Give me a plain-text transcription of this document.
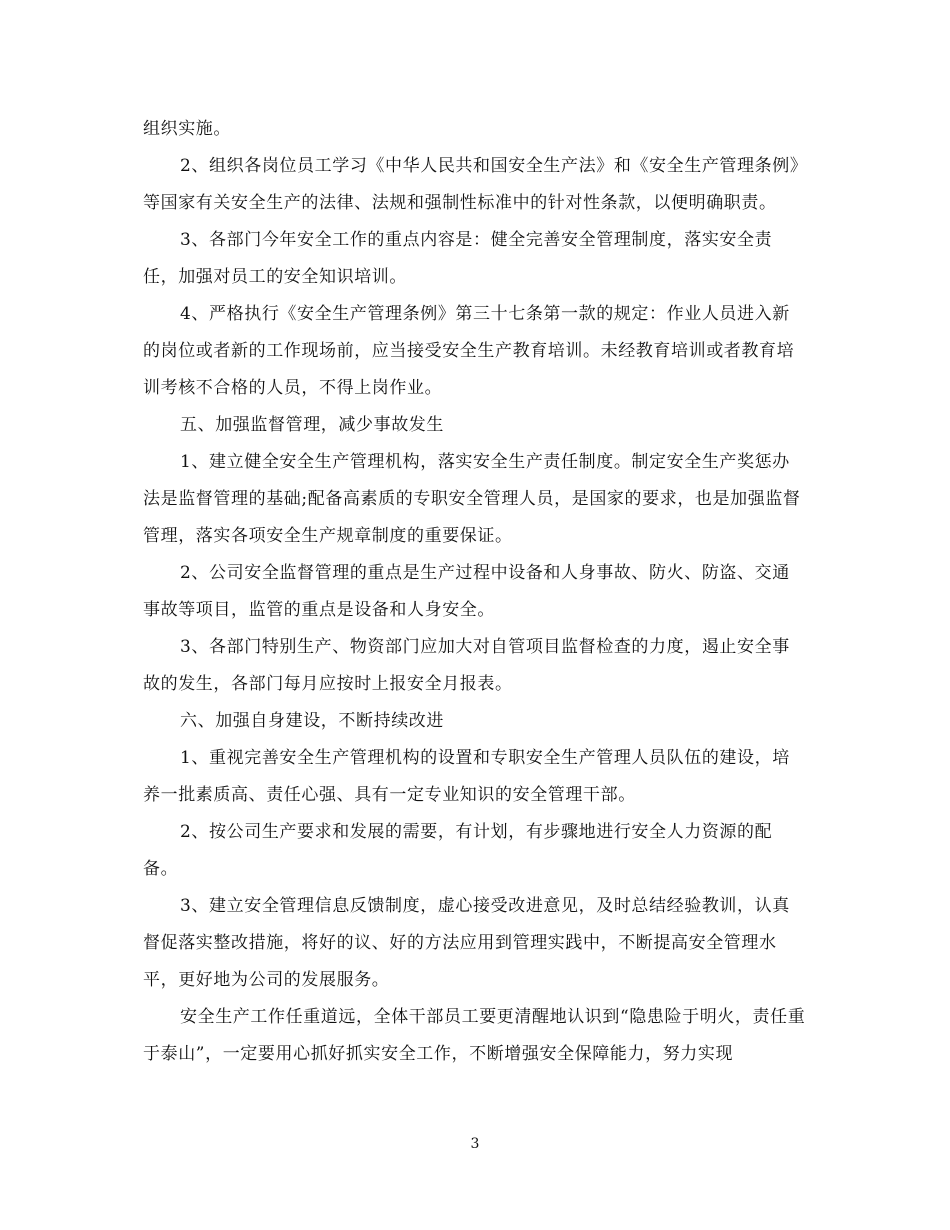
组织实施。

2、组织各岗位员工学习《中华人民共和国安全生产法》和《安全生产管理条例》等国家有关安全生产的法律、法规和强制性标准中的针对性条款，以便明确职责。

3、各部门今年安全工作的重点内容是：健全完善安全管理制度，落实安全责任，加强对员工的安全知识培训。

4、严格执行《安全生产管理条例》第三十七条第一款的规定：作业人员进入新的岗位或者新的工作现场前，应当接受安全生产教育培训。未经教育培训或者教育培训考核不合格的人员，不得上岗作业。

五、加强监督管理，减少事故发生

1、建立健全安全生产管理机构，落实安全生产责任制度。制定安全生产奖惩办法是监督管理的基础;配备高素质的专职安全管理人员，是国家的要求，也是加强监督管理，落实各项安全生产规章制度的重要保证。

2、公司安全监督管理的重点是生产过程中设备和人身事故、防火、防盗、交通事故等项目，监管的重点是设备和人身安全。

3、各部门特别生产、物资部门应加大对自管项目监督检查的力度，遏止安全事故的发生，各部门每月应按时上报安全月报表。

六、加强自身建设，不断持续改进

1、重视完善安全生产管理机构的设置和专职安全生产管理人员队伍的建设，培养一批素质高、责任心强、具有一定专业知识的安全管理干部。

2、按公司生产要求和发展的需要，有计划，有步骤地进行安全人力资源的配备。

3、建立安全管理信息反馈制度，虚心接受改进意见，及时总结经验教训，认真督促落实整改措施，将好的议、好的方法应用到管理实践中，不断提高安全管理水平，更好地为公司的发展服务。

安全生产工作任重道远，全体干部员工要更清醒地认识到“隐患险于明火，责任重于泰山”，一定要用心抓好抓实安全工作，不断增强安全保障能力，努力实现

3
